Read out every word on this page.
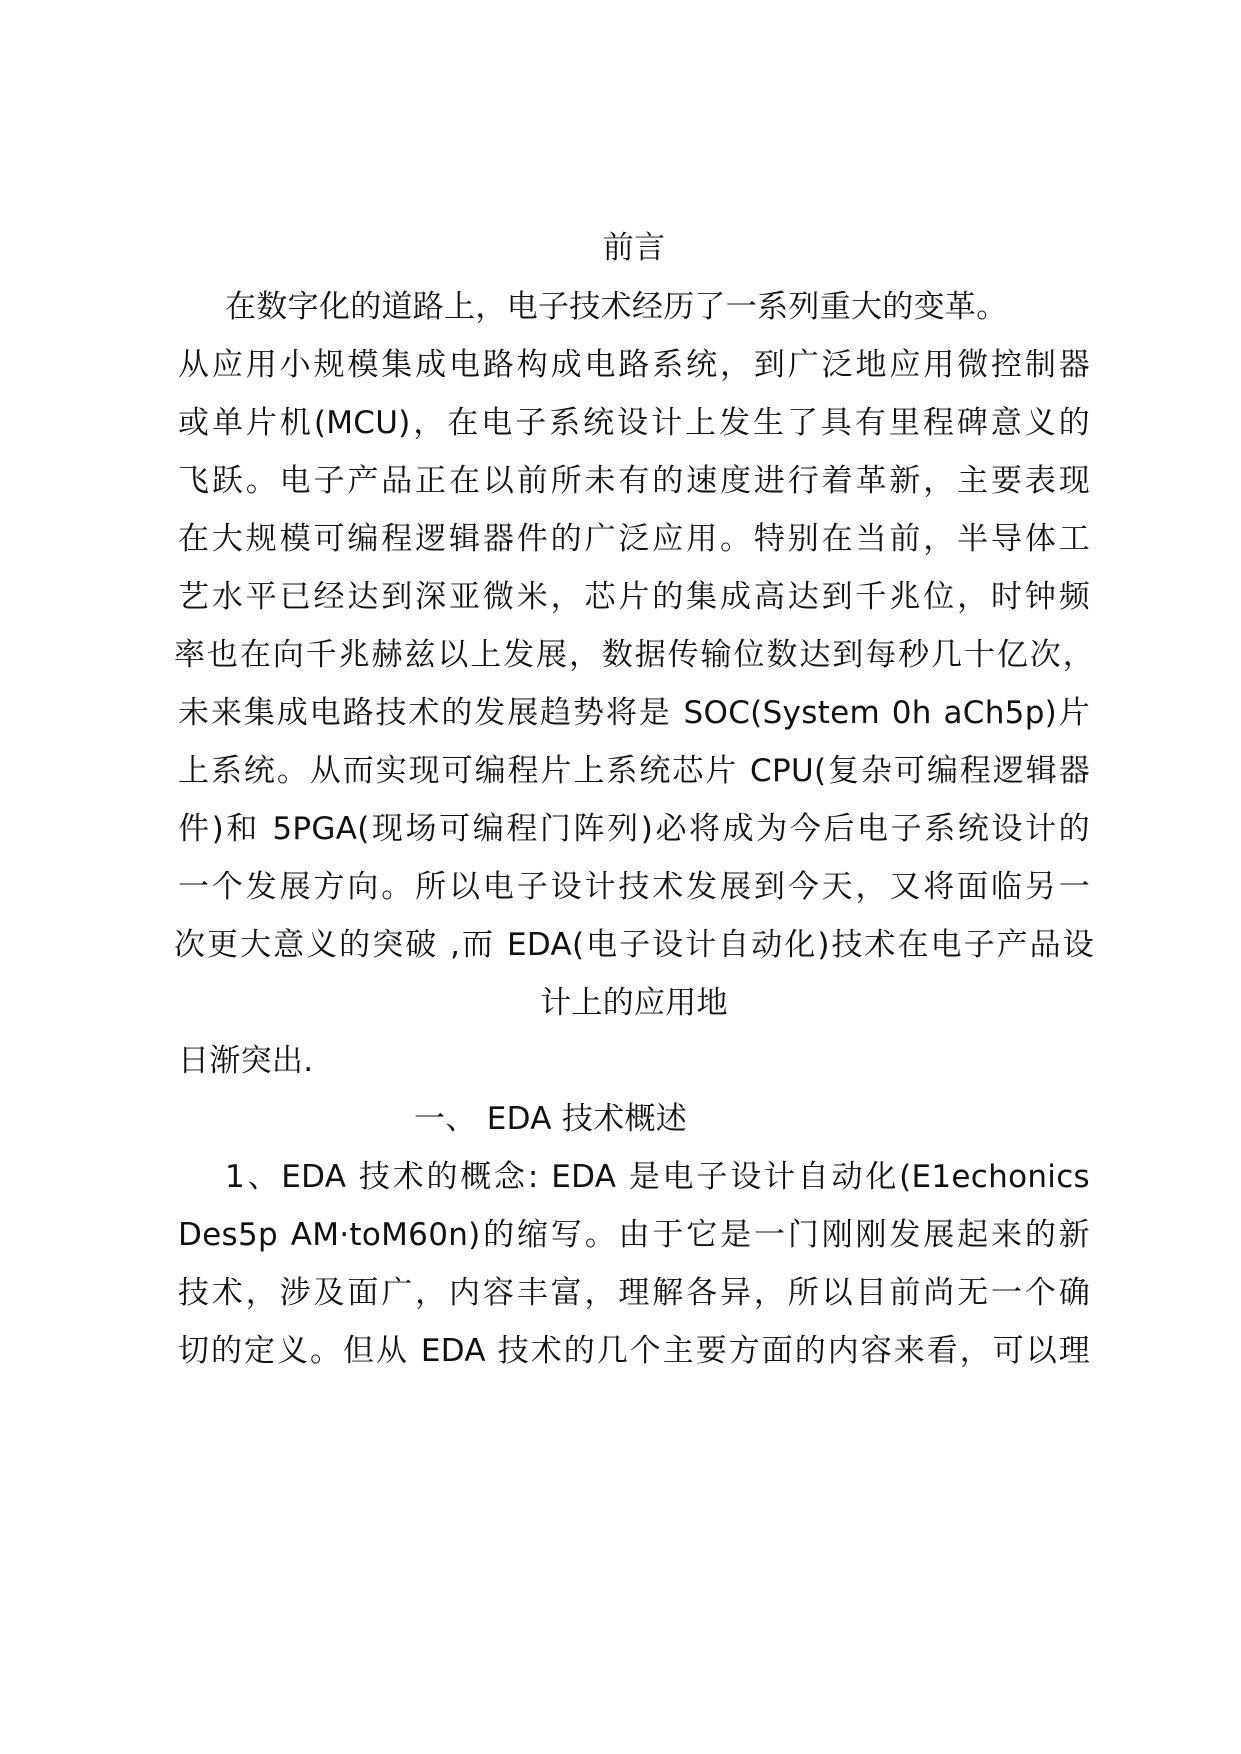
前言
在数字化的道路上，电子技术经历了一系列重大的变革。
从应用小规模集成电路构成电路系统，到广泛地应用微控制器
或单片机(MCU)，在电子系统设计上发生了具有里程碑意义的
飞跃。电子产品正在以前所未有的速度进行着革新，主要表现
在大规模可编程逻辑器件的广泛应用。特别在当前，半导体工
艺水平已经达到深亚微米，芯片的集成高达到千兆位，时钟频
率也在向千兆赫兹以上发展，数据传输位数达到每秒几十亿次，
未来集成电路技术的发展趋势将是 SOC(System 0h aCh5p)片
上系统。从而实现可编程片上系统芯片 CPU(复杂可编程逻辑器
件)和 5PGA(现场可编程门阵列)必将成为今后电子系统设计的
一个发展方向。所以电子设计技术发展到今天，又将面临另一
次更大意义的突破 ,而 EDA(电子设计自动化)技术在电子产品设
计上的应用地
日渐突出.
一、 EDA 技术概述
1、EDA 技术的概念: EDA 是电子设计自动化(E1echonics
Des5p AM·toM60n)的缩写。由于它是一门刚刚发展起来的新
技术，涉及面广，内容丰富，理解各异，所以目前尚无一个确
切的定义。但从 EDA 技术的几个主要方面的内容来看，可以理
